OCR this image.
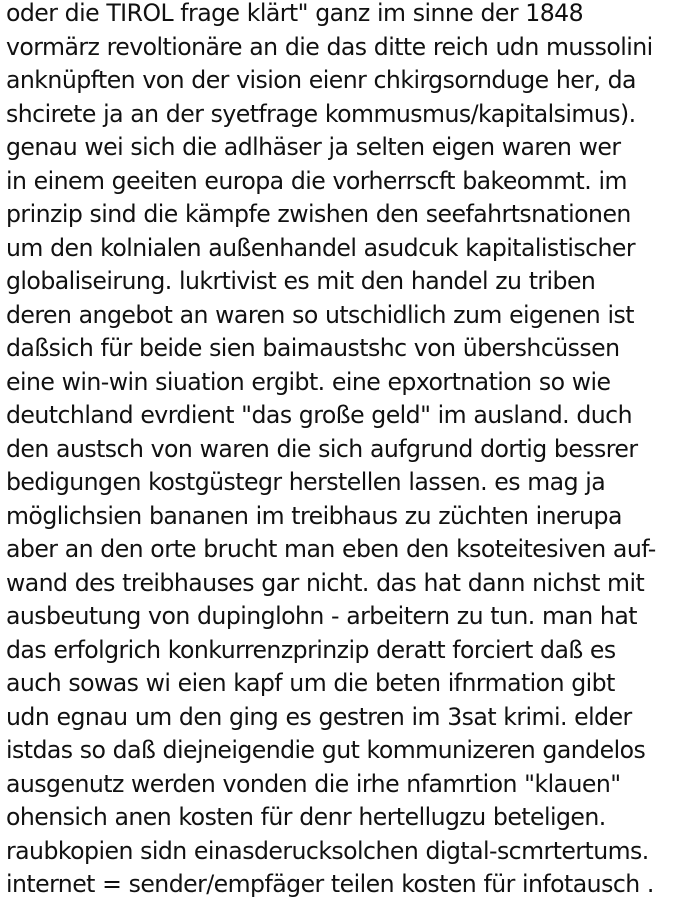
oder die TIROL frage klärt" ganz im sinne der 1848
vormärz revoltionäre an die das ditte reich udn mussolini
anknüpften von der vision eienr chkirgsornduge her, da
shcirete ja an der syetfrage kommusmus/kapitalsimus).
genau wei sich die adlhäser ja selten eigen waren wer
in einem geeiten europa die vorherrscft bakeommt. im
prinzip sind die kämpfe zwishen den seefahrtsnationen
um den kolnialen außenhandel asudcuk kapitalistischer
globaliseirung. lukrtivist es mit den handel zu triben
deren angebot an waren so utschidlich zum eigenen ist
daßsich für beide sien baimaustshc von übershcüssen
eine win-win siuation ergibt. eine epxortnation so wie
deutchland evrdient "das große geld" im ausland. duch
den austsch von waren die sich aufgrund dortig bessrer
bedigungen kostgüstegr herstellen lassen. es mag ja
möglichsien bananen im treibhaus zu züchten inerupa
aber an den orte brucht man eben den ksoteitesiven auf-
wand des treibhauses gar nicht. das hat dann nichst mit
ausbeutung von dupinglohn - arbeitern zu tun. man hat
das erfolgrich konkurrenzprinzip deratt forciert daß es
auch sowas wi eien kapf um die beten ifnrmation gibt
udn egnau um den ging es gestren im 3sat krimi. elder
istdas so daß diejneigendie gut kommunizeren gandelos
ausgenutz werden vonden die irhe nfamrtion "klauen"
ohensich anen kosten für denr hertellugzu beteligen.
raubkopien sidn einasderucksolchen digtal-scmrtertums.
internet = sender/empfäger teilen kosten für infotausch .
